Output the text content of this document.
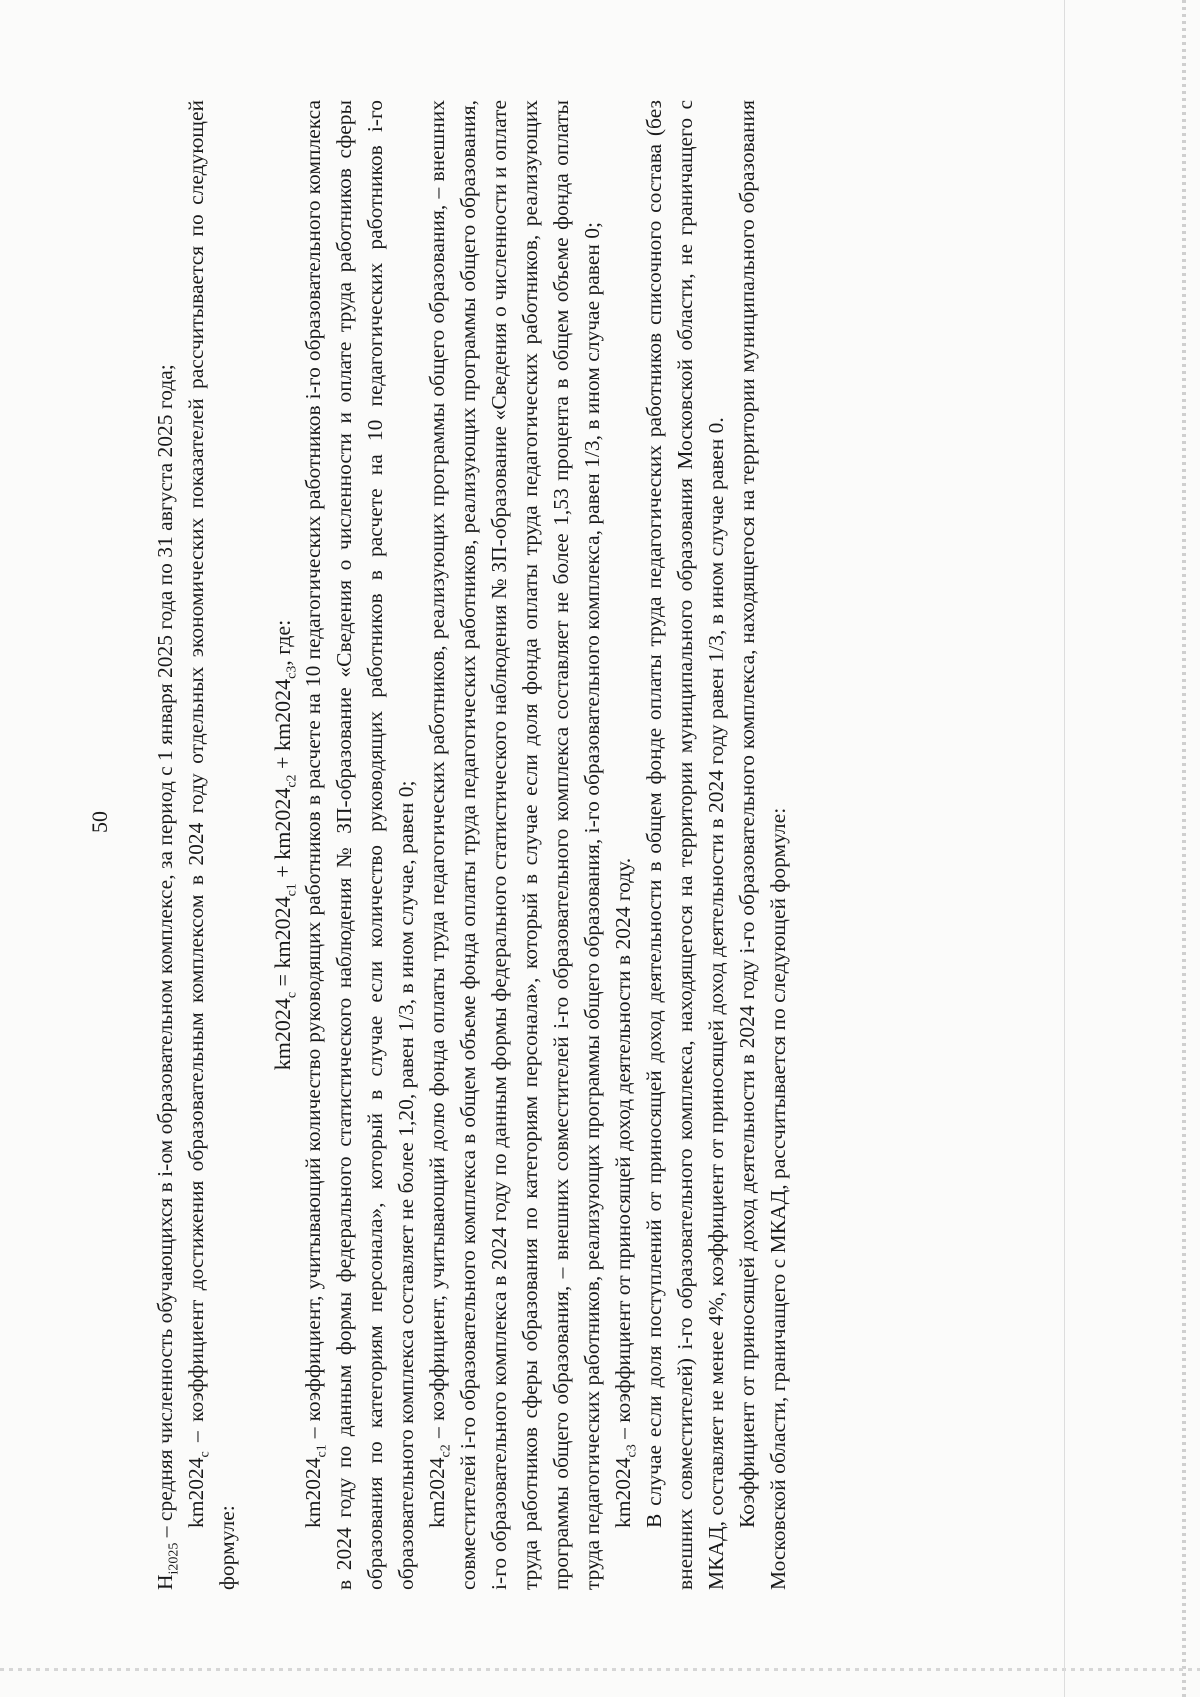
50

$H_{i2025}$ – средняя численность обучающихся в i-ом образовательном комплексе, за период с 1 января 2025 года по 31 августа 2025 года; $km2024_c$ – коэффициент достижения образовательным комплексом в 2024 году отдельных экономических показателей рассчитывается по следующей формуле:

$km2024_c = km2024_{c1} + km2024_{c2} + km2024_{c3}$, где:

$km2024_{c1}$ – коэффициент, учитывающий количество руководящих работников в расчете на 10 педагогических работников i-го образовательного комплекса в 2024 году по данным формы федерального статистического наблюдения № ЗП-образование «Сведения о численности и оплате труда работников сферы образования по категориям персонала», который в случае если количество руководящих работников в расчете на 10 педагогических работников i-го образовательного комплекса составляет не более 1,20, равен 1/3, в ином случае, равен 0; $km2024_{c2}$ – коэффициент, учитывающий долю фонда оплаты труда педагогических работников, реализующих программы общего образования, – внешних совместителей i-го образовательного комплекса в общем объеме фонда оплаты труда педагогических работников, реализующих программы общего образования, i-го образовательного комплекса в 2024 году по данным формы федерального статистического наблюдения № ЗП-образование «Сведения о численности и оплате труда работников сферы образования по категориям персонала», который в случае если доля фонда оплаты труда педагогических работников, реализующих программы общего образования, – внешних совместителей i-го образовательного комплекса составляет не более 1,53 процента в общем объеме фонда оплаты труда педагогических работников, реализующих программы общего образования, i-го образовательного комплекса, равен 1/3, в ином случае равен 0; $km2024_{c3}$ – коэффициент от приносящей доход деятельности в 2024 году. В случае если доля поступлений от приносящей доход деятельности в общем фонде оплаты труда педагогических работников списочного состава (без внешних совместителей) i-го образовательного комплекса, находящегося на территории муниципального образования Московской области, не граничащего с МКАД, составляет не менее 4%, коэффициент от приносящей доход деятельности в 2024 году равен 1/3, в ином случае равен 0. Коэффициент от приносящей доход деятельности в 2024 году i-го образовательного комплекса, находящегося на территории муниципального образования Московской области, граничащего с МКАД, рассчитывается по следующей формуле:
